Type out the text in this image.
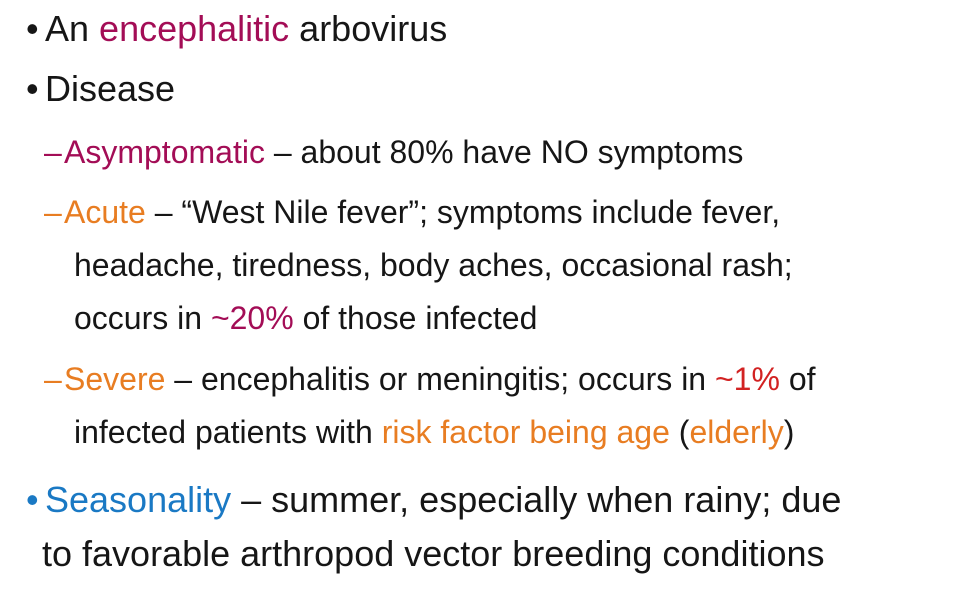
• An encephalitic arbovirus
• Disease
– Asymptomatic – about 80% have NO symptoms
– Acute – “West Nile fever”; symptoms include fever,
headache, tiredness, body aches, occasional rash;
occurs in ~20% of those infected
– Severe – encephalitis or meningitis; occurs in ~1% of
infected patients with risk factor being age (elderly)
• Seasonality – summer, especially when rainy; due
to favorable arthropod vector breeding conditions
